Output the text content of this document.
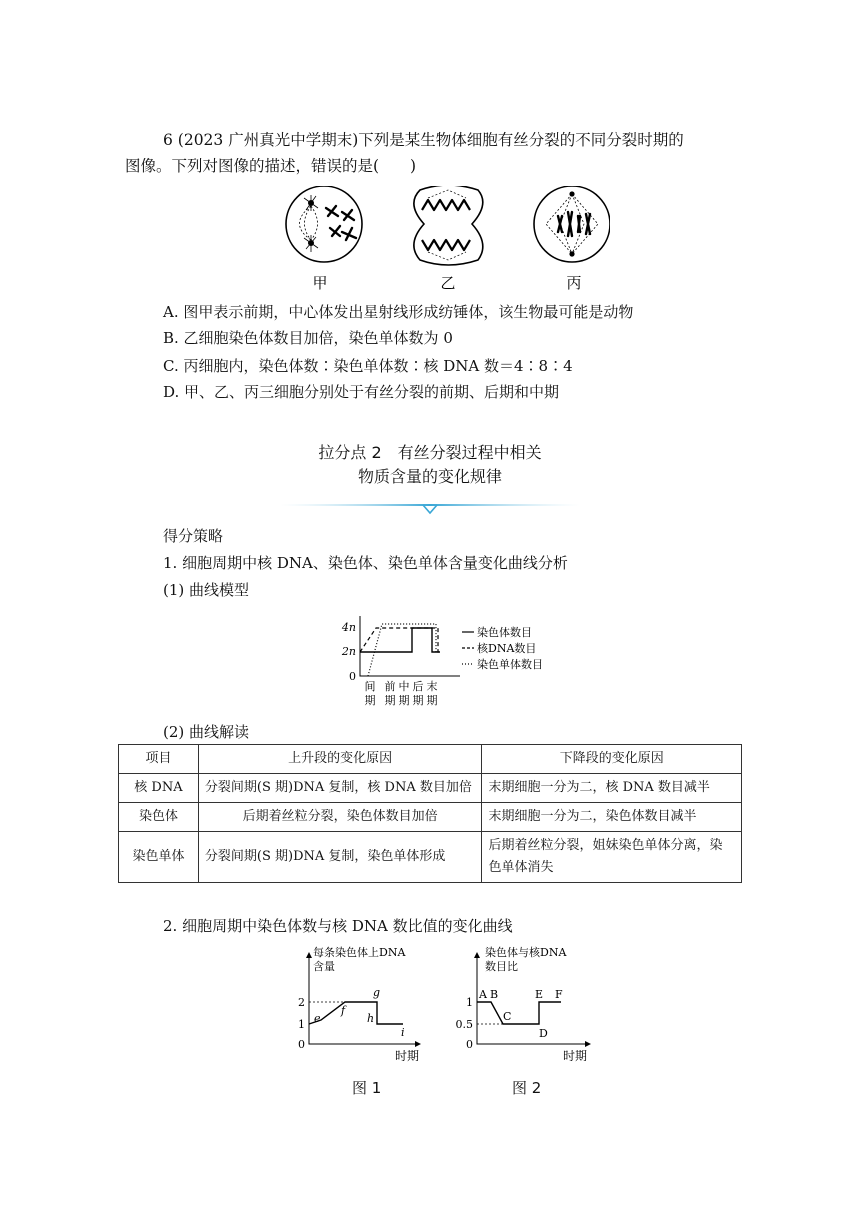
6 (2023 广州真光中学期末)下列是某生物体细胞有丝分裂的不同分裂时期的
图像。下列对图像的描述，错误的是(　　)
甲	乙	丙
A. 图甲表示前期，中心体发出星射线形成纺锤体，该生物最可能是动物
B. 乙细胞染色体数目加倍，染色单体数为 0
C. 丙细胞内，染色体数∶染色单体数∶核 DNA 数＝4∶8∶4
D. 甲、乙、丙三细胞分别处于有丝分裂的前期、后期和中期
拉分点 2　有丝分裂过程中相关
物质含量的变化规律
得分策略
1. 细胞周期中核 DNA、染色体、染色单体含量变化曲线分析
(1) 曲线模型
4n
2n
0
间 前 中 后 末
期 期 期 期 期
染色体数目
核DNA数目
染色单体数目
(2) 曲线解读
项目	上升段的变化原因	下降段的变化原因
核 DNA	分裂间期(S 期)DNA 复制，核 DNA 数目加倍	末期细胞一分为二，核 DNA 数目减半
染色体	后期着丝粒分裂，染色体数目加倍	末期细胞一分为二，染色体数目减半
染色单体	分裂间期(S 期)DNA 复制，染色单体形成	后期着丝粒分裂，姐妹染色单体分离，染色单体消失
2. 细胞周期中染色体数与核 DNA 数比值的变化曲线
每条染色体上DNA
含量
2
1
0
e
f
g
h
i
时期
图 1
染色体与核DNA
数目比
1
0.5
0
A B
C
D
E F
时期
图 2
